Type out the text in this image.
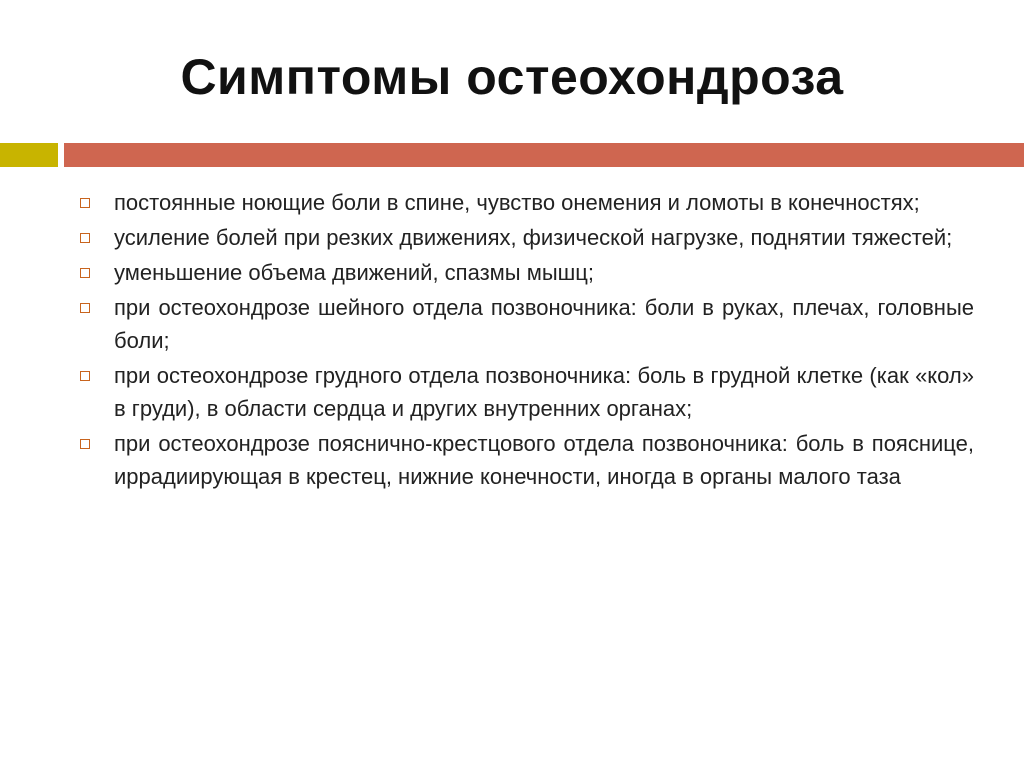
Симптомы остеохондроза
постоянные ноющие боли в спине, чувство онемения и ломоты в конечностях;
усиление болей при резких движениях, физической нагрузке, поднятии тяжестей;
уменьшение объема движений, спазмы мышц;
при остеохондрозе шейного отдела позвоночника: боли в руках, плечах, головные боли;
при остеохондрозе грудного отдела позвоночника: боль в грудной клетке (как «кол» в груди), в области сердца и других внутренних органах;
при остеохондрозе пояснично-крестцового отдела позвоночника: боль в пояснице, иррадиирующая в крестец, нижние конечности, иногда в органы малого таза
